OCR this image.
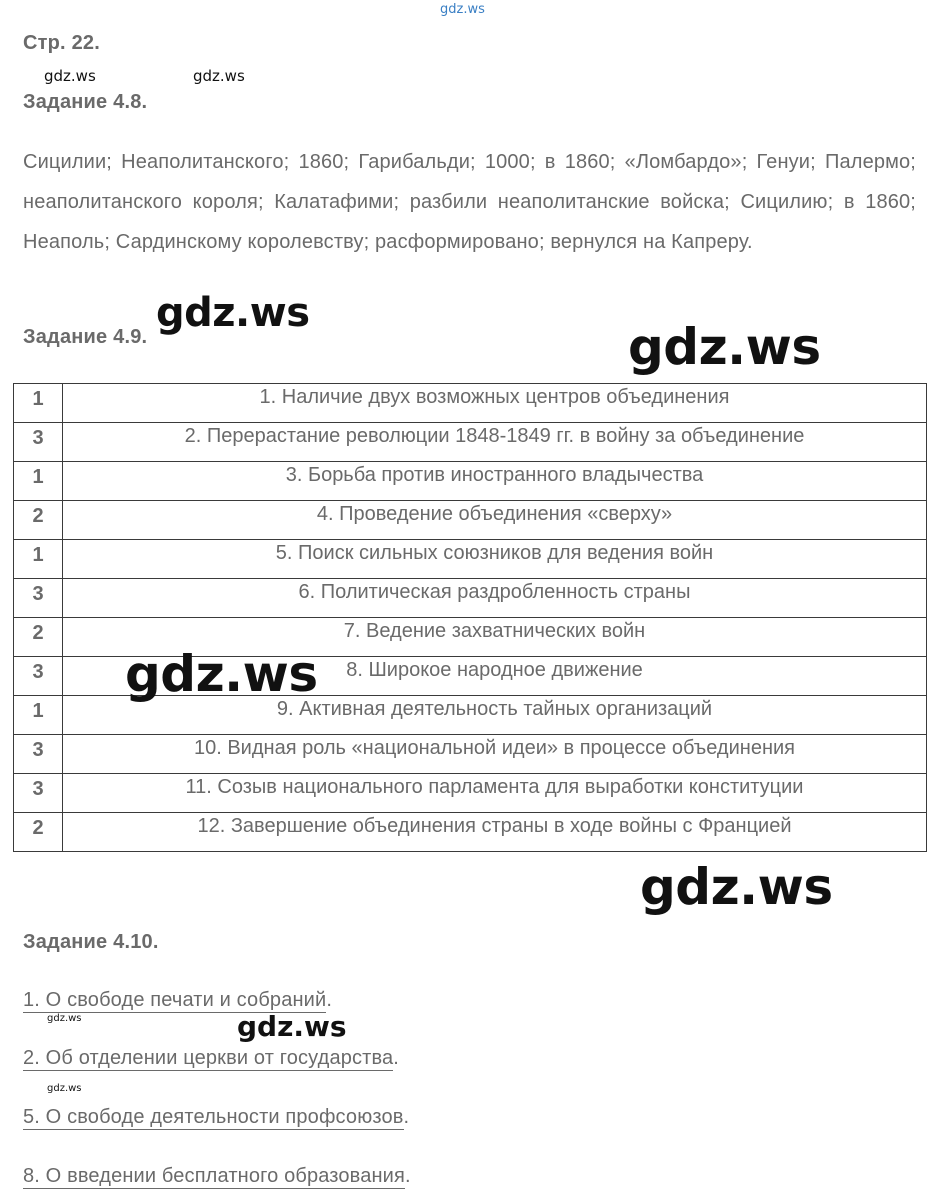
gdz.ws
Стр. 22.
gdz.ws	gdz.ws
Задание 4.8.
Сицилии; Неаполитанского; 1860; Гарибальди; 1000; в 1860; «Ломбардо»; Генуи; Палермо; неаполитанского короля; Калатафими; разбили неаполитанские войска; Сицилию; в 1860; Неаполь; Сардинскому королевству; расформировано; вернулся на Капреру.
Задание 4.9.
gdz.ws
gdz.ws
1	1. Наличие двух возможных центров объединения
3	2. Перерастание революции 1848-1849 гг. в войну за объединение
1	3. Борьба против иностранного владычества
2	4. Проведение объединения «сверху»
1	5. Поиск сильных союзников для ведения войн
3	6. Политическая раздробленность страны
2	7. Ведение захватнических войн
3	8. Широкое народное движение
1	9. Активная деятельность тайных организаций
3	10. Видная роль «национальной идеи» в процессе объединения
3	11. Созыв национального парламента для выработки конституции
2	12. Завершение объединения страны в ходе войны с Францией
gdz.ws
gdz.ws
Задание 4.10.
1. О свободе печати и собраний.
gdz.ws	gdz.ws
2. Об отделении церкви от государства.
gdz.ws
5. О свободе деятельности профсоюзов.
8. О введении бесплатного образования.
